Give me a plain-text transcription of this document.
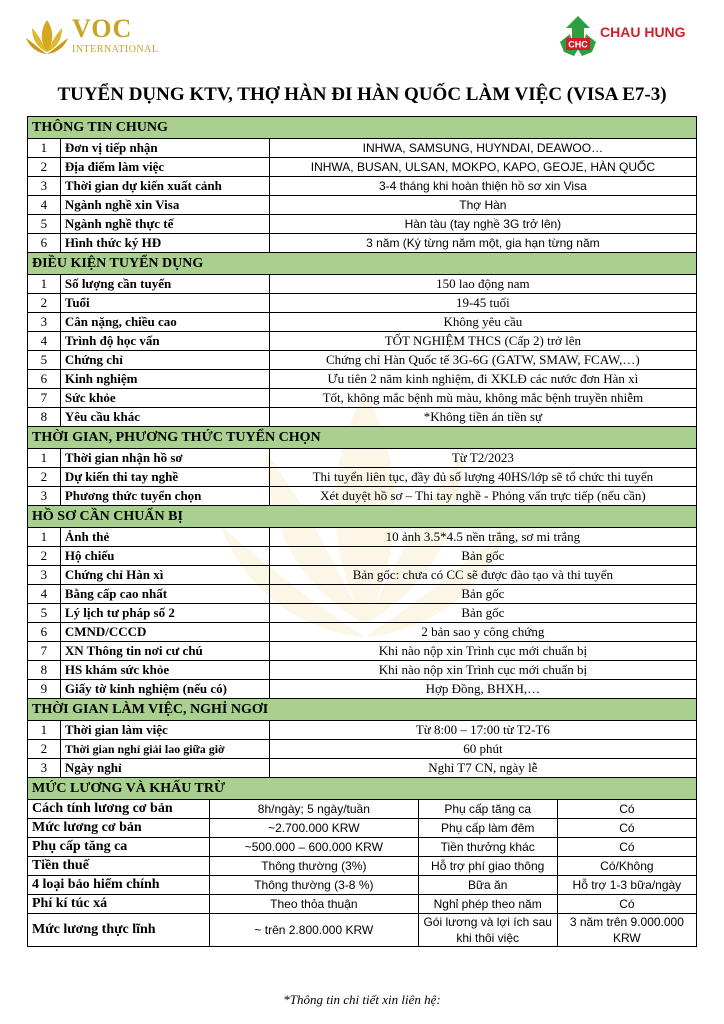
VOC
INTERNATIONAL	CHC
CHAU HUNG
TUYỂN DỤNG KTV, THỢ HÀN ĐI HÀN QUỐC LÀM VIỆC (VISA E7-3)
THÔNG TIN CHUNG					
1	Đơn vị tiếp nhận		INHWA, SAMSUNG, HUYNDAI, DEAWOO…		
2	Địa điểm làm việc		INHWA, BUSAN, ULSAN, MOKPO, KAPO, GEOJE, HÀN QUỐC		
3	Thời gian dự kiến xuất cảnh		3-4 tháng khi hoàn thiện hồ sơ xin Visa		
4	Ngành nghề xin Visa		Thợ Hàn		
5	Ngành nghề thực tế		Hàn tàu (tay nghề 3G trở lên)		
6	Hình thức ký HĐ		3 năm (Ký từng năm một, gia hạn từng năm		
ĐIỀU KIỆN TUYỂN DỤNG					
1	Số lượng cần tuyển		150 lao động nam		
2	Tuổi		19-45 tuổi		
3	Cân nặng, chiều cao		Không yêu cầu		
4	Trình độ học vấn		TỐT NGHIỆM THCS (Cấp 2) trở lên		
5	Chứng chỉ		Chứng chỉ Hàn Quốc tế 3G-6G (GATW, SMAW, FCAW,…)		
6	Kinh nghiệm		Ưu tiên 2 năm kinh nghiệm, đi XKLĐ các nước đơn Hàn xì		
7	Sức khỏe		Tốt, không mắc bệnh mù màu, không mắc bệnh truyền nhiễm		
8	Yêu cầu khác		*Không tiền án tiền sự		
THỜI GIAN, PHƯƠNG THỨC TUYỂN CHỌN					
1	Thời gian nhận hồ sơ		Từ T2/2023		
2	Dự kiến thi tay nghề		Thi tuyển liên tục, đầy đủ số lượng 40HS/lớp sẽ tổ chức thi tuyển		
3	Phương thức tuyển chọn		Xét duyệt hồ sơ – Thi tay nghề - Phỏng vấn trực tiếp (nếu cần)		
HỒ SƠ CẦN CHUẨN BỊ					
1	Ảnh thẻ		10 ảnh 3.5*4.5 nền trắng, sơ mi trắng		
2	Hộ chiếu		Bản gốc		
3	Chứng chỉ Hàn xì		Bản gốc: chưa có CC sẽ được đào tạo và thi tuyển		
4	Bằng cấp cao nhất		Bản gốc		
5	Lý lịch tư pháp số 2		Bản gốc		
6	CMND/CCCD		2 bản sao y công chứng		
7	XN Thông tin nơi cư chú		Khi nào nộp xin Trình cục mới chuẩn bị		
8	HS khám sức khỏe		Khi nào nộp xin Trình cục mới chuẩn bị		
9	Giấy tờ kinh nghiệm (nếu có)		Hợp Đồng, BHXH,…		
THỜI GIAN LÀM VIỆC, NGHỈ NGƠI					
1	Thời gian làm việc		Từ 8:00 – 17:00 từ T2-T6		
2	Thời gian nghỉ giải lao giữa giờ		60 phút		
3	Ngày nghỉ		Nghỉ T7 CN, ngày lễ		
MỨC LƯƠNG VÀ KHẤU TRỪ					
Cách tính lương cơ bản		8h/ngày; 5 ngày/tuần		Phụ cấp tăng ca	Có
Mức lương cơ bản		~2.700.000 KRW		Phụ cấp làm đêm	Có
Phụ cấp tăng ca		~500.000 – 600.000 KRW		Tiền thưởng khác	Có
Tiền thuế		Thông thường (3%)		Hỗ trợ phí giao thông	Có/Không
4 loại bảo hiểm chính		Thông thường (3-8 %)		Bữa ăn	Hỗ trợ 1-3 bữa/ngày
Phí kí túc xá		Theo thỏa thuận		Nghỉ phép theo năm	Có
Mức lương thực lĩnh		~ trên 2.800.000 KRW		Gói lương và lợi ích sau khi thôi việc	3 năm trên 9.000.000 KRW
*Thông tin chi tiết xin liên hệ:
